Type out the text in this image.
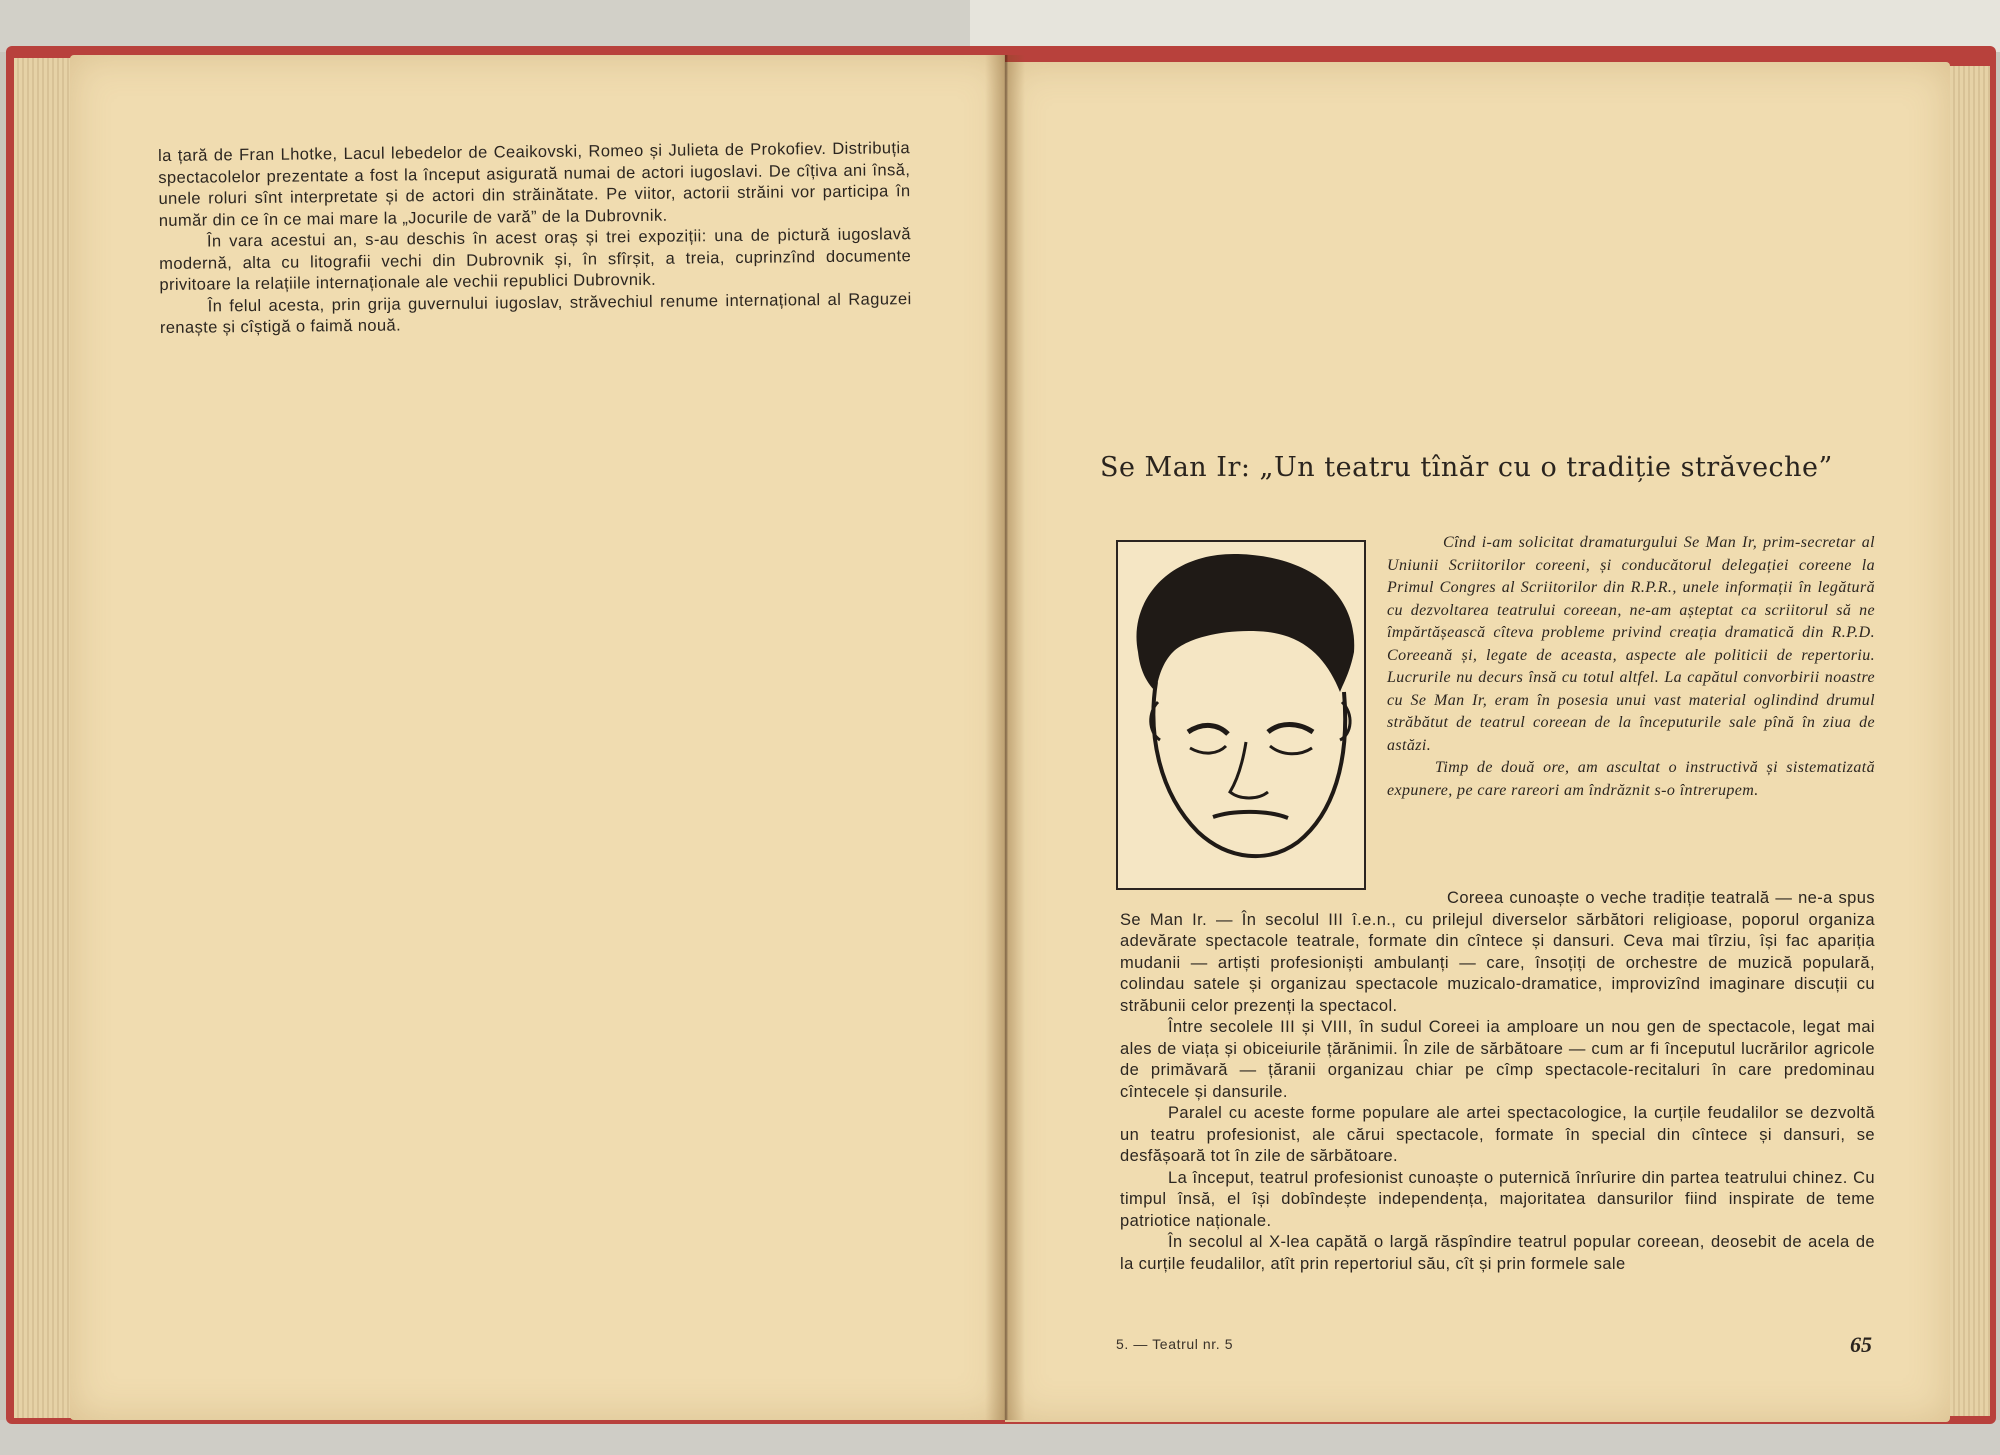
la țară de Fran Lhotke, Lacul lebedelor de Ceaikovski, Romeo și Julieta de Prokofiev. Distribuția spectacolelor prezentate a fost la început asigurată numai de actori iugoslavi. De cîțiva ani însă, unele roluri sînt interpretate și de actori din străinătate. Pe viitor, actorii străini vor participa în număr din ce în ce mai mare la „Jocurile de vară” de la Dubrovnik.

În vara acestui an, s-au deschis în acest oraș și trei expoziții: una de pictură iugoslavă modernă, alta cu litografii vechi din Dubrovnik și, în sfîrșit, a treia, cuprinzînd documente privitoare la relațiile internaționale ale vechii republici Dubrovnik.

În felul acesta, prin grija guvernului iugoslav, străvechiul renume internațional al Raguzei renaște și cîștigă o faimă nouă.

Se Man Ir: „Un teatru tînăr cu o tradiție străveche”

Cînd i-am solicitat dramaturgului Se Man Ir, prim-secretar al Uniunii Scriitorilor coreeni, și conducătorul delegației coreene la Primul Congres al Scriitorilor din R.P.R., unele informații în legătură cu dezvoltarea teatrului coreean, ne-am așteptat ca scriitorul să ne împărtășească cîteva probleme privind creația dramatică din R.P.D. Coreeană și, legate de aceasta, aspecte ale politicii de repertoriu. Lucrurile nu decurs însă cu totul altfel. La capătul convorbirii noastre cu Se Man Ir, eram în posesia unui vast material oglindind drumul străbătut de teatrul coreean de la începuturile sale pînă în ziua de astăzi.

Timp de două ore, am ascultat o instructivă și sistematizată expunere, pe care rareori am îndrăznit s-o întrerupem.

Coreea cunoaște o veche tradiție teatrală — ne-a spus Se Man Ir. — În secolul III î.e.n., cu prilejul diverselor sărbători religioase, poporul organiza adevărate spectacole teatrale, formate din cîntece și dansuri. Ceva mai tîrziu, își fac apariția mudanii — artiști profesioniști ambulanți — care, însoțiți de orchestre de muzică populară, colindau satele și organizau spectacole muzicalo-dramatice, improvizînd imaginare discuții cu străbunii celor prezenți la spectacol.

Între secolele III și VIII, în sudul Coreei ia amploare un nou gen de spectacole, legat mai ales de viața și obiceiurile țărănimii. În zile de sărbătoare — cum ar fi începutul lucrărilor agricole de primăvară — țăranii organizau chiar pe cîmp spectacole-recitaluri în care predominau cîntecele și dansurile.

Paralel cu aceste forme populare ale artei spectacologice, la curțile feudalilor se dezvoltă un teatru profesionist, ale cărui spectacole, formate în special din cîntece și dansuri, se desfășoară tot în zile de sărbătoare.

La început, teatrul profesionist cunoaște o puternică înrîurire din partea teatrului chinez. Cu timpul însă, el își dobîndește independența, majoritatea dansurilor fiind inspirate de teme patriotice naționale.

În secolul al X-lea capătă o largă răspîndire teatrul popular coreean, deosebit de acela de la curțile feudalilor, atît prin repertoriul său, cît și prin formele sale

5. — Teatrul nr. 5	65
